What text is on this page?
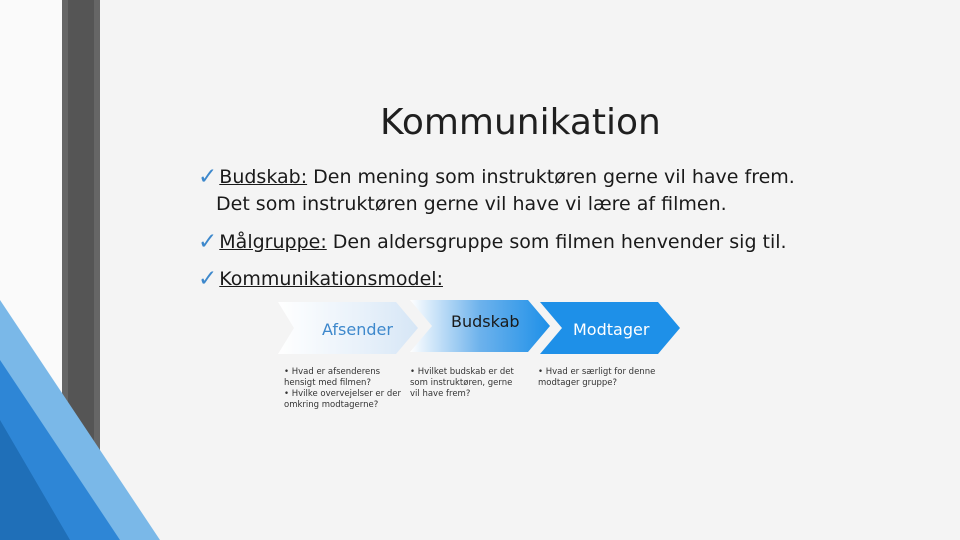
Kommunikation
✓ Budskab: Den mening som instruktøren gerne vil have frem.
Det som instruktøren gerne vil have vi lære af filmen.
✓ Målgruppe: Den aldersgruppe som filmen henvender sig til.
✓ Kommunikationsmodel:
Afsender	Budskab	Modtager
• Hvad er afsenderens hensigt med filmen?
• Hvilke overvejelser er der omkring modtagerne?
• Hvilket budskab er det som instruktøren, gerne vil have frem?
• Hvad er særligt for denne modtager gruppe?
